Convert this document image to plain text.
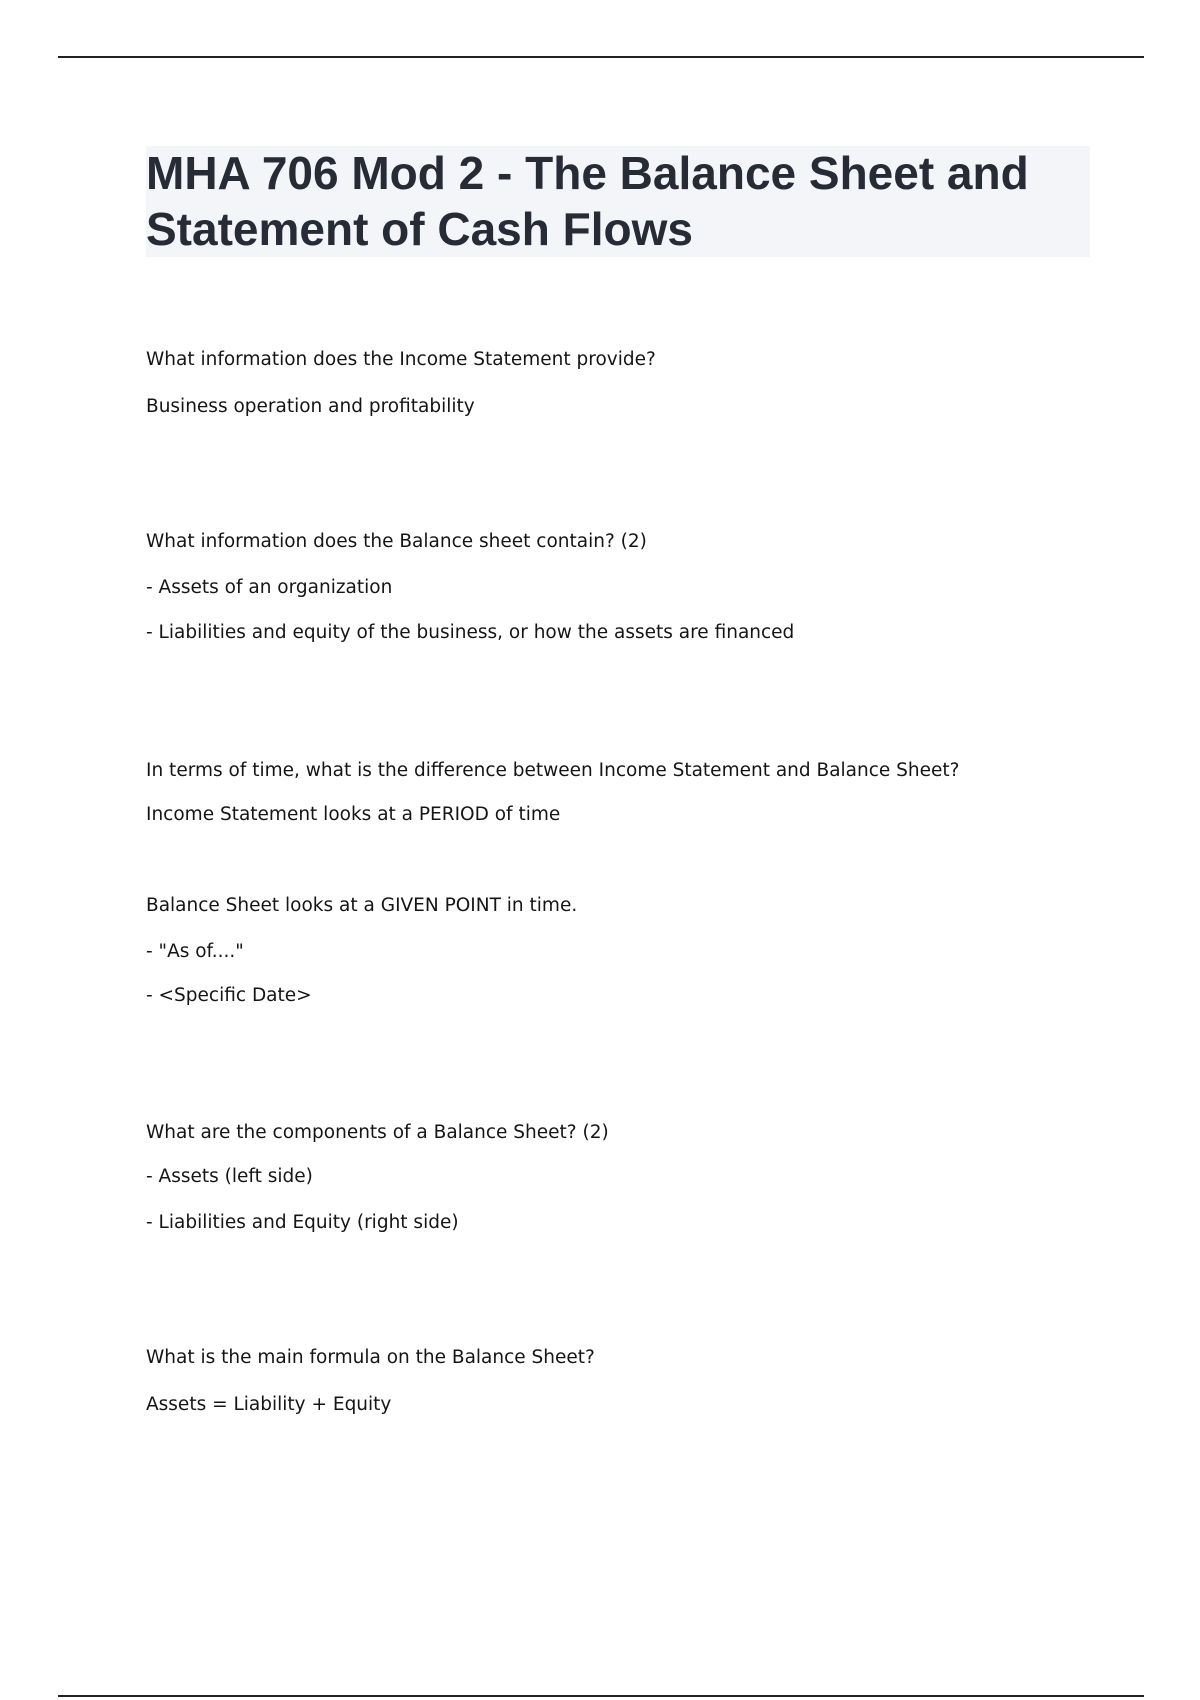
MHA 706 Mod 2 - The Balance Sheet and Statement of Cash Flows

What information does the Income Statement provide?

Business operation and profitability

What information does the Balance sheet contain? (2)

- Assets of an organization

- Liabilities and equity of the business, or how the assets are financed

In terms of time, what is the difference between Income Statement and Balance Sheet?

Income Statement looks at a PERIOD of time

Balance Sheet looks at a GIVEN POINT in time.

- "As of...."

- <Specific Date>

What are the components of a Balance Sheet? (2)

- Assets (left side)

- Liabilities and Equity (right side)

What is the main formula on the Balance Sheet?

Assets = Liability + Equity
